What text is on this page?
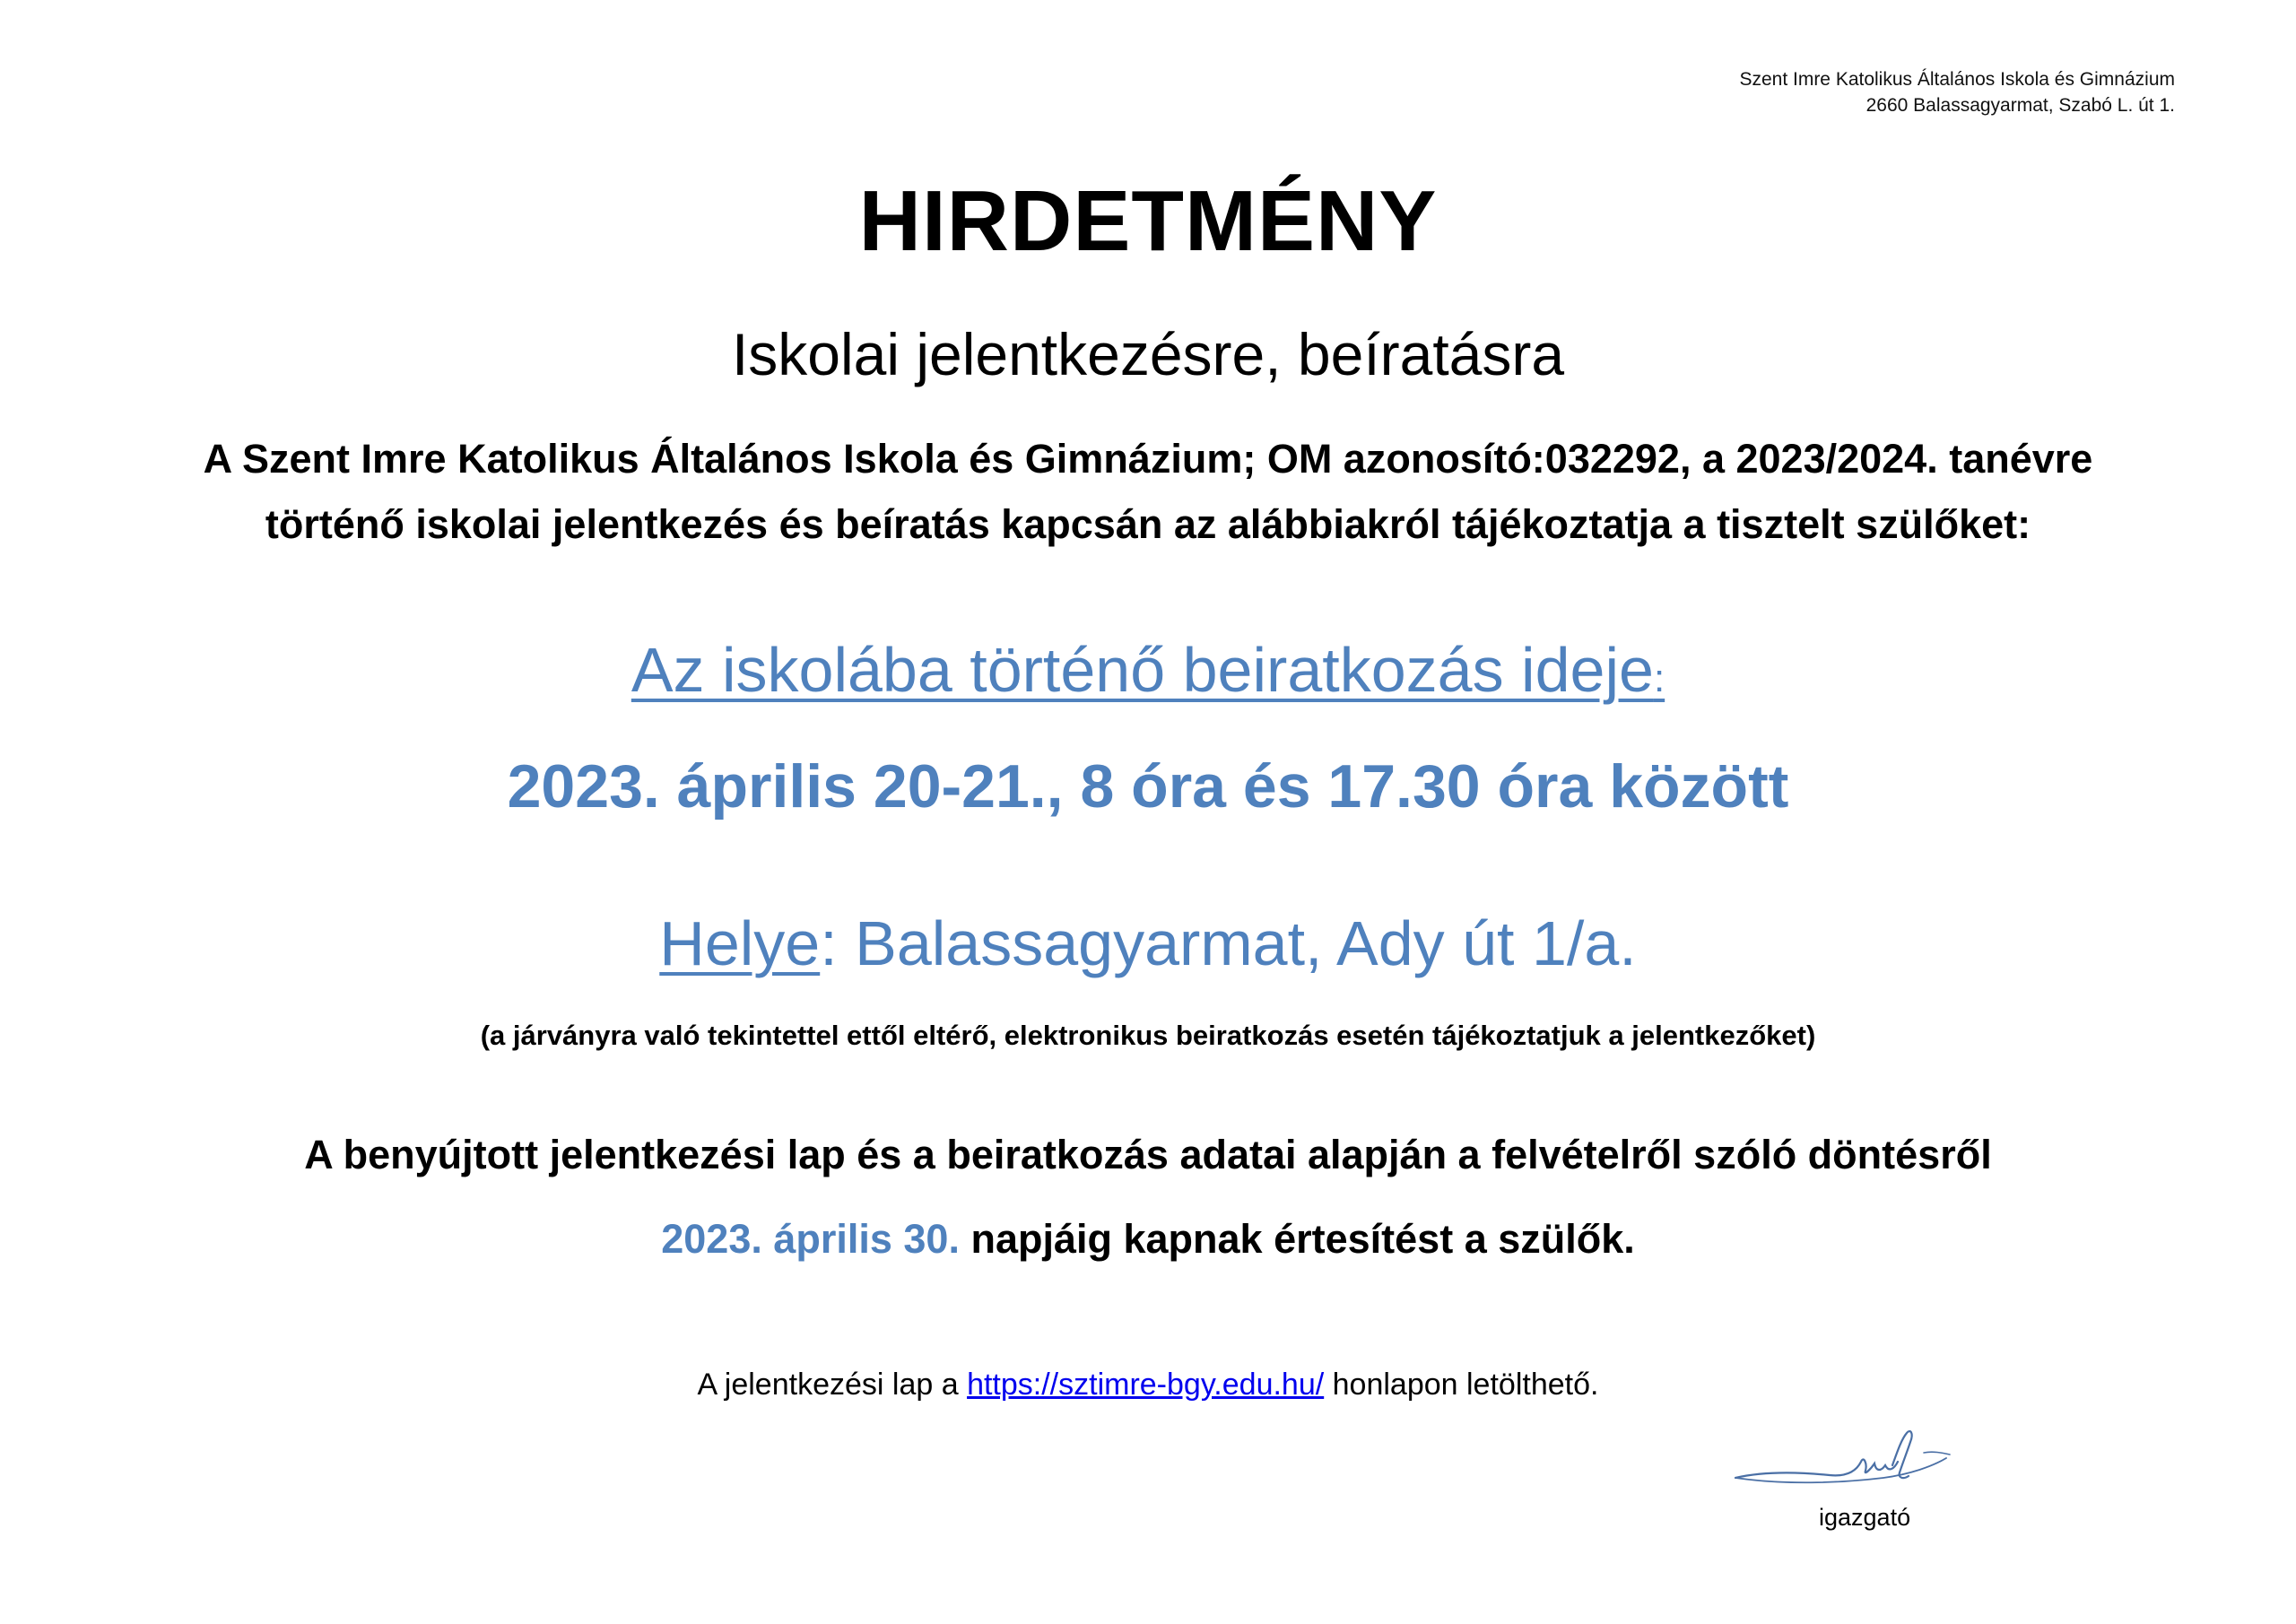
Szent Imre Katolikus Általános Iskola és Gimnázium
2660 Balassagyarmat, Szabó L. út 1.
HIRDETMÉNY
Iskolai jelentkezésre, beíratásra
A Szent Imre Katolikus Általános Iskola és Gimnázium; OM azonosító:032292, a 2023/2024. tanévre
történő iskolai jelentkezés és beíratás kapcsán az alábbiakról tájékoztatja a tisztelt szülőket:
Az iskolába történő beiratkozás ideje:
2023. április 20-21., 8 óra és 17.30 óra között
Helye: Balassagyarmat, Ady út 1/a.
(a járványra való tekintettel ettől eltérő, elektronikus beiratkozás esetén tájékoztatjuk a jelentkezőket)
A benyújtott jelentkezési lap és a beiratkozás adatai alapján a felvételről szóló döntésről
2023. április 30. napjáig kapnak értesítést a szülők.
A jelentkezési lap a https://sztimre-bgy.edu.hu/ honlapon letölthető.
igazgató
